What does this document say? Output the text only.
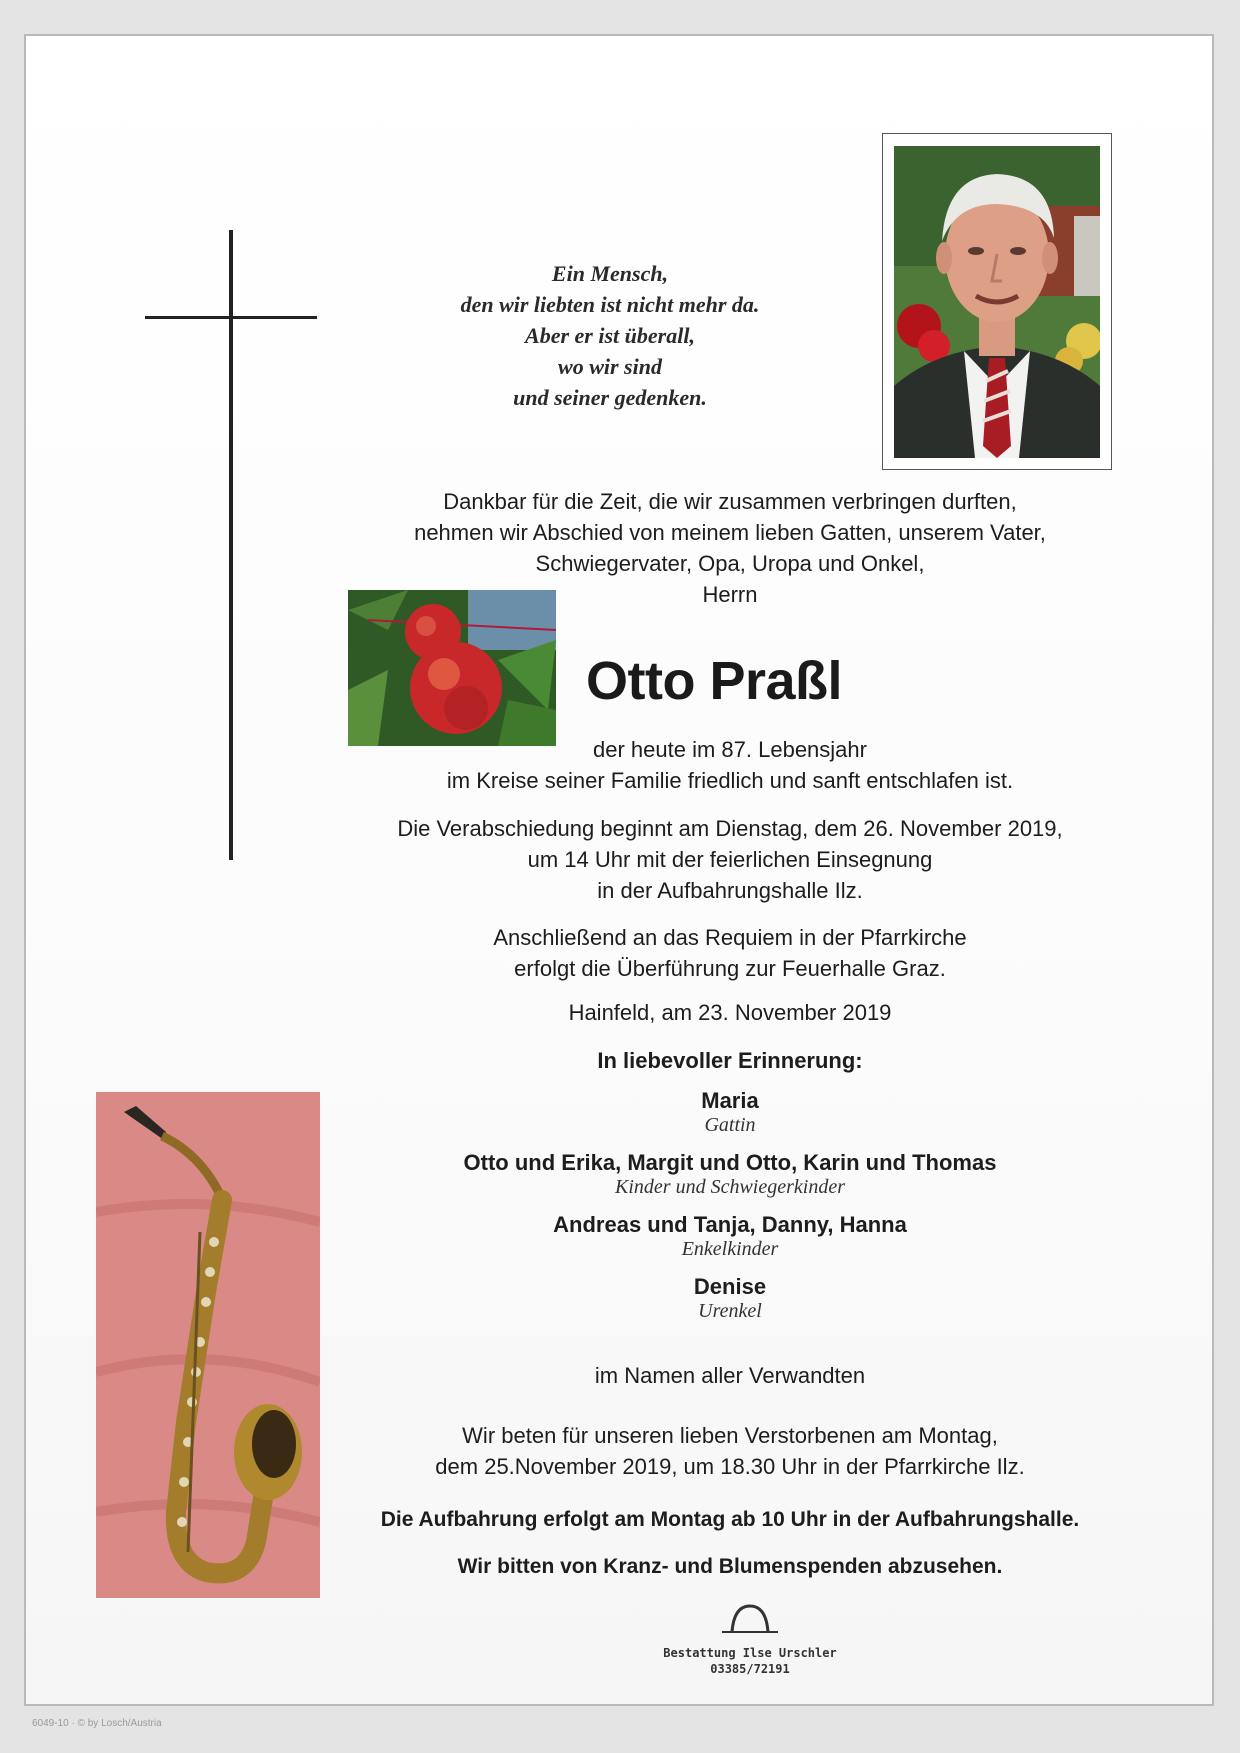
Ein Mensch,
den wir liebten ist nicht mehr da.
Aber er ist überall,
wo wir sind
und seiner gedenken.
Dankbar für die Zeit, die wir zusammen verbringen durften,
nehmen wir Abschied von meinem lieben Gatten, unserem Vater,
Schwiegervater, Opa, Uropa und Onkel,
Herrn
Otto Praßl
der heute im 87. Lebensjahr
im Kreise seiner Familie friedlich und sanft entschlafen ist.
Die Verabschiedung beginnt am Dienstag, dem 26. November 2019,
um 14 Uhr mit der feierlichen Einsegnung
in der Aufbahrungshalle Ilz.
Anschließend an das Requiem in der Pfarrkirche
erfolgt die Überführung zur Feuerhalle Graz.
Hainfeld, am 23. November 2019
In liebevoller Erinnerung:
Maria
Gattin
Otto und Erika, Margit und Otto, Karin und Thomas
Kinder und Schwiegerkinder
Andreas und Tanja, Danny, Hanna
Enkelkinder
Denise
Urenkel
im Namen aller Verwandten
Wir beten für unseren lieben Verstorbenen am Montag,
dem 25.November 2019, um 18.30 Uhr in der Pfarrkirche Ilz.
Die Aufbahrung erfolgt am Montag ab 10 Uhr in der Aufbahrungshalle.
Wir bitten von Kranz- und Blumenspenden abzusehen.
Bestattung Ilse Urschler
03385/72191
6049-10 · © by Losch/Austria
